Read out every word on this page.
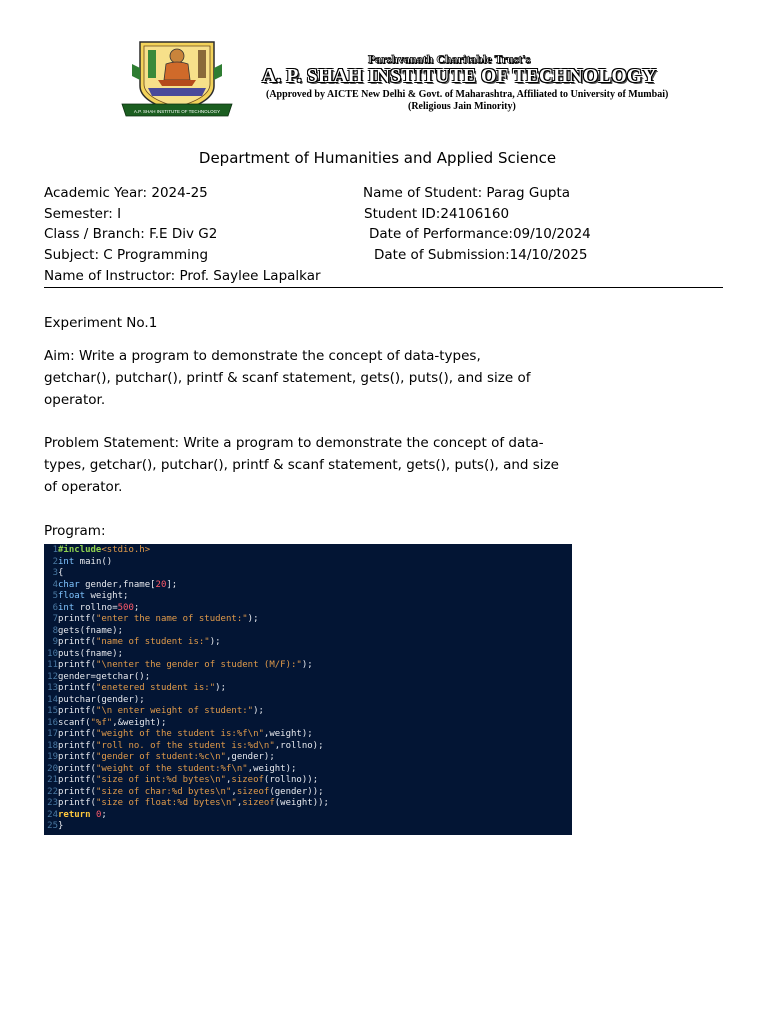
A.P. SHAH INSTITUTE OF TECHNOLOGY
Parshvanath Charitable Trust's
A. P. SHAH INSTITUTE OF TECHNOLOGY
(Approved by AICTE New Delhi & Govt. of Maharashtra, Affiliated to University of Mumbai)
(Religious Jain Minority)
Department of Humanities and Applied Science
Academic Year: 2024-25
Semester: I
Class / Branch: F.E Div G2
Subject: C Programming
Name of Instructor: Prof. Saylee Lapalkar
Name of Student: Parag Gupta
Student ID:24106160
Date of Performance:09/10/2024
Date of Submission:14/10/2025
Experiment No.1
Aim: Write a program to demonstrate the concept of data-types, getchar(), putchar(), printf & scanf statement, gets(), puts(), and size of operator.
Problem Statement: Write a program to demonstrate the concept of data-types, getchar(), putchar(), printf & scanf statement, gets(), puts(), and size of operator.
Program:
1#include<stdio.h>
2int main()
3{
4char gender,fname[20];
5float weight;
6int rollno=500;
7printf("enter the name of student:");
8gets(fname);
9printf("name of student is:");
10puts(fname);
11printf("\nenter the gender of student (M/F):");
12gender=getchar();
13printf("enetered student is:");
14putchar(gender);
15printf("\n enter weight of student:");
16scanf("%f",&weight);
17printf("weight of the student is:%f\n",weight);
18printf("roll no. of the student is:%d\n",rollno);
19printf("gender of student:%c\n",gender);
20printf("weight of the student:%f\n",weight);
21printf("size of int:%d bytes\n",sizeof(rollno));
22printf("size of char:%d bytes\n",sizeof(gender));
23printf("size of float:%d bytes\n",sizeof(weight));
24return 0;
25}
